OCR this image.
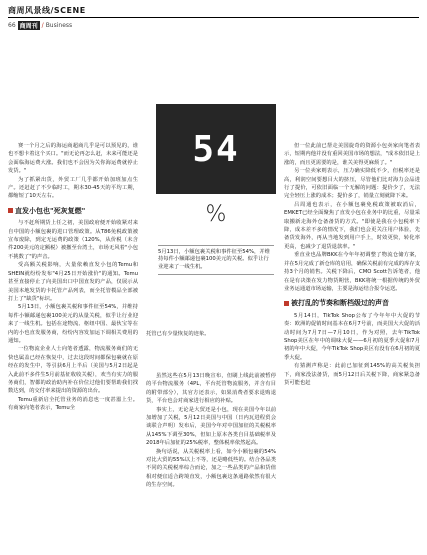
商周风景线/SCENE
66 商周刊 / Business
54
%
5月13日，小额包裹关税和事件征至54%，并维持每件小额邮递包裹100美元的关税。似乎让行业迎来了一线生机。

赛一个月之后的海运商超商几乎是可以预见的，谁也不想卡着这个买口。"而无论再怎么赶，未来可能还是会面临海运费大涨。我们也不会因为关你海运费就停止发货。"

为了抓紧出货，外贸工厂几乎都开始加班加点生产。还赶赶了不少临时工，期本30-45天的平均工期，都缩短了10天左右。

直发小包也"死灰复燃"

与不赶所期货上任之初，美国政府便开始收紧对来自中国的小额包裹的进口管理政策。从T86免税政策被宣布废除，到定无运费的政策（120%，从价税（未含件200美元的定额税）被撤至台湾土，市场无风着"小包不挑数了"的声音。

受高额关税影响，大量依赖直发小包的Temu和SHEIN就纷纷发布"4月25日开始涨价"的通知。Temu甚至直接停止了向美国出口中国直发的产品，仅展示从美国本地发货的卡托管产品列表，而全托管模品全部被打上了"缺货"标识。

5月13日，小额包裹关税和事件征至54%，并维持每件小额邮递包裹100美元的从量关税，似乎让行业迎来了一线生机。包括在途物流、枢纽中国、最伙宝等在内的小也直发服务商，纷纷内容发加运下调相关费用的通知。

一位物流企业人士向笔者透露，物流服务商们的无快也属盖已经在恢复中，过去这段时间都保包裹就在原经在的发生中，等引获6月上半后（美国与5月2日起是入此前不多件生5月前基征收收关税），欢当有实力的服务商们，智都的政治助内补在价位过他们要帮助我们找数达到，的交付率来提出的资源的出台。

Temu重新启全托管业务的消息也一度甚嚣上尘。有商家向笔者表示，Temu全

托管已有少量恢复的迹象。

虽然这些在5月13日晚宣布，但刷上线此前被暂停的平台物流服务（4PL，平台托管物流服务，并含有目的附带部分），其官方还表示，如果消费者要求退购退货，平台也会对商家进行相应的补贴。

事实上，无论是大贸还是小包，现在美国今年以前加增加了关税，5月12日美国与中国（日内瓦进程贸会谈联合声明）发布后，美国今年对中国加征的关税税率从145%下调至30%，但如上原本各类自目基础税率及2018年后加征的25%税率，整体税率依然起高。

换句话说，从关税税率上看，如今小额包裹的54%对比大贸的55%以上不等，还是略低些的。结合各品类不同的关税税率综合而论，加之一些品类的产品和货值相对便宜适合跨境直发，小额包裹这条通路依然有很大的生存空间。

但一位此前已帮走美国旋奇的资源小包卖家向笔者表示，短期内他并没有重回美国市场的想法，"成本依旧是上涨的，而且更需要的是，谁关美得更麻烦了。"

另一位卖家则表示，压力确实降低不少，但税率还是高，利润空间要想目大的挤压，尽管他们比对海力会品进行了提价，可依旧面临一个无解的问题：提价少了，无法完全轻压上涨的成本；提价多了，销量立刻就降下来。

吕周通也表示，在小额包裹免税政策被取消后，EMKET已经全面聚焦了直发小包在业务中的比重，尽量采取搬新走海外仓备备货的方式。"即使是我在小包税率下降，成本差不多的情况下，我们也会更关注用户体验，先备货发海外，再从当地发到用户手上，时效更快，转化率更高，也减少了退货退款率。"

垂直业也品牌BKK在今年年初调整了物流仓储方案，并在5月完成了新仓库的启用，确保关税前有完成的库存支持3个月的销售。关税下降后，CMO Scott告诉笔者，他在是有决策在发力物货期营，BKK将统一根据传统的外贸业务运通道市场运输，主要是海运结合报令运送。

被打乱的节奏和断档级过的声音

5月14日，TikTok Shop公布了今年年中大促的节奏：欧洲的促销时间基本在6月7号前，而美国大大促的活动时间为7月7日—7月10日，作为对照，去年TikTok Shop美区在年中的调味大促——6月初的夏季大促和7月初的年中大促，今年TikTok Shop美区有没有在6月初的夏季大促。

有猜测声称是：此前已加征到145%的高关税负担下，商家没法备货，而5月12日后关税下降，商家紧急备货可能也赶
